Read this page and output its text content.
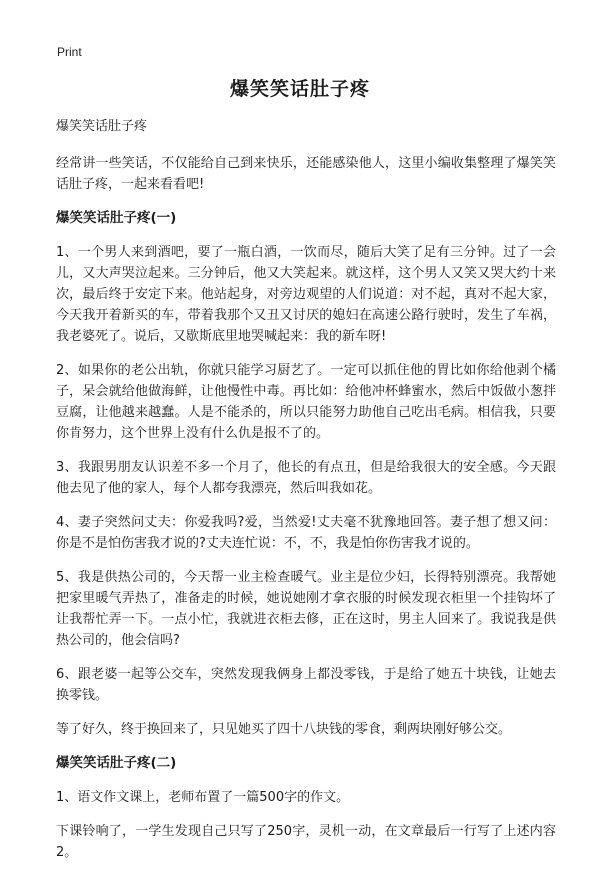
Print
爆笑笑话肚子疼

爆笑笑话肚子疼

经常讲一些笑话，不仅能给自己到来快乐，还能感染他人，这里小编收集整理了爆笑笑话肚子疼，一起来看看吧!

爆笑笑话肚子疼(一)

1、一个男人来到酒吧，要了一瓶白酒，一饮而尽，随后大笑了足有三分钟。过了一会儿，又大声哭泣起来。三分钟后，他又大笑起来。就这样，这个男人又笑又哭大约十来次，最后终于安定下来。他站起身，对旁边观望的人们说道：对不起，真对不起大家，今天我开着新买的车，带着我那个又丑又讨厌的媳妇在高速公路行驶时，发生了车祸，我老婆死了。说后，又歇斯底里地哭喊起来：我的新车呀!

2、如果你的老公出轨，你就只能学习厨艺了。一定可以抓住他的胃比如你给他剥个橘子，呆会就给他做海鲜，让他慢性中毒。再比如：给他冲杯蜂蜜水，然后中饭做小葱拌豆腐，让他越来越蠢。人是不能杀的，所以只能努力助他自己吃出毛病。相信我，只要你肯努力，这个世界上没有什么仇是报不了的。

3、我跟男朋友认识差不多一个月了，他长的有点丑，但是给我很大的安全感。今天跟他去见了他的家人，每个人都夸我漂亮，然后叫我如花。

4、妻子突然问丈夫：你爱我吗?爱，当然爱!丈夫毫不犹豫地回答。妻子想了想又问：你是不是怕伤害我才说的?丈夫连忙说：不，不，我是怕你伤害我才说的。

5、我是供热公司的，今天帮一业主检查暖气。业主是位少妇，长得特别漂亮。我帮她把家里暖气弄热了，准备走的时候，她说她刚才拿衣服的时候发现衣柜里一个挂钩坏了让我帮忙弄一下。一点小忙，我就进衣柜去修，正在这时，男主人回来了。我说我是供热公司的，他会信吗?

6、跟老婆一起等公交车，突然发现我俩身上都没零钱，于是给了她五十块钱，让她去换零钱。

等了好久，终于换回来了，只见她买了四十八块钱的零食，剩两块刚好够公交。

爆笑笑话肚子疼(二)

1、语文作文课上，老师布置了一篇500字的作文。

下课铃响了，一学生发现自己只写了250字，灵机一动，在文章最后一行写了上述内容2。
